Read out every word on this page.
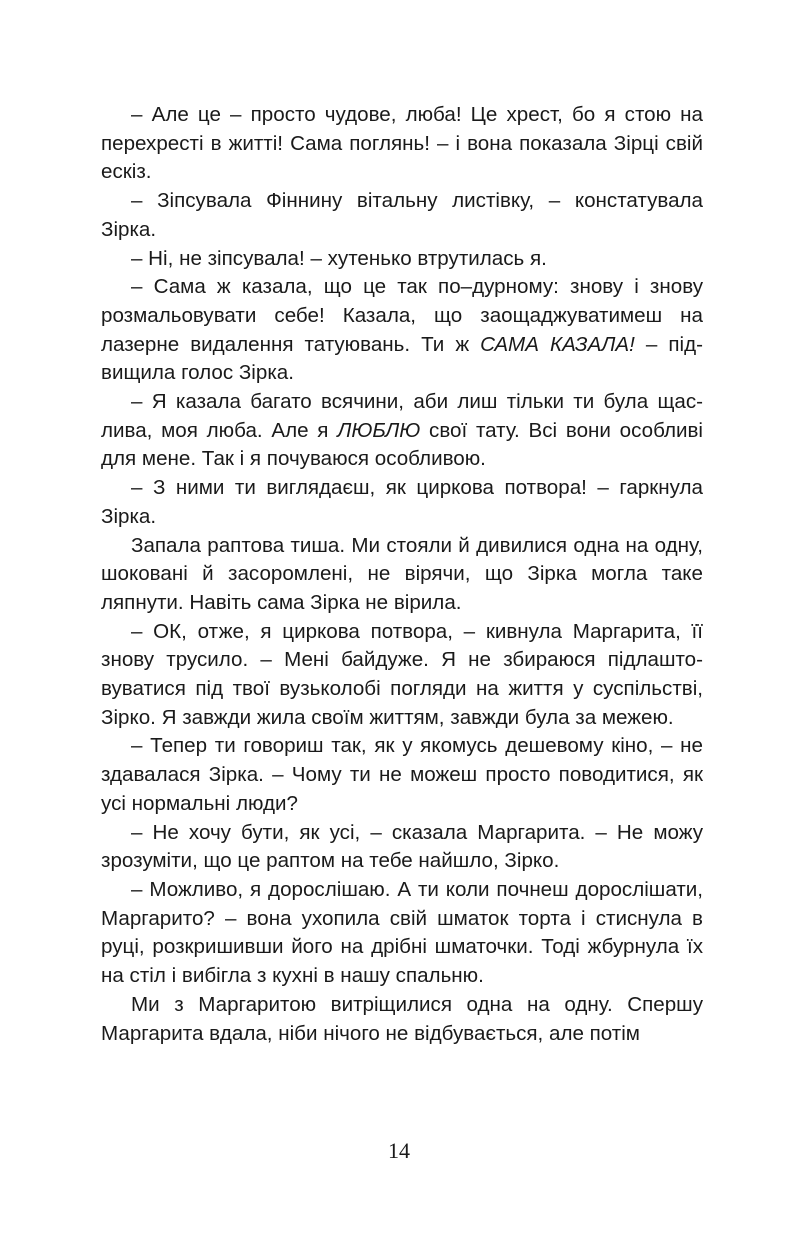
– Але це – просто чудове, люба! Це хрест, бо я стою на перехресті в житті! Сама поглянь! – і вона показала Зірці свій ескіз.

– Зіпсувала Фіннину вітальну листівку, – констатувала Зірка.

– Ні, не зіпсувала! – хутенько втрутилась я.

– Сама ж казала, що це так по–дурному: знову і знову розмальовувати себе! Казала, що заощаджуватимеш на лазерне видалення татуювань. Ти ж САМА КАЗАЛА! – підвищила голос Зірка.

– Я казала багато всячини, аби лиш тільки ти була щаслива, моя люба. Але я ЛЮБЛЮ свої тату. Всі вони особливі для мене. Так і я почуваюся особливою.

– З ними ти виглядаєш, як циркова потвора! – гаркнула Зірка.

Запала раптова тиша. Ми стояли й дивилися одна на одну, шоковані й засоромлені, не вірячи, що Зірка могла таке ляпнути. Навіть сама Зірка не вірила.

– ОК, отже, я циркова потвора, – кивнула Маргарита, її знову трусило. – Мені байдуже. Я не збираюся підлаштовуватися під твої вузьколобі погляди на життя у суспільстві, Зірко. Я завжди жила своїм життям, завжди була за межею.

– Тепер ти говориш так, як у якомусь дешевому кіно, – не здавалася Зірка. – Чому ти не можеш просто поводитися, як усі нормальні люди?

– Не хочу бути, як усі, – сказала Маргарита. – Не можу зрозуміти, що це раптом на тебе найшло, Зірко.

– Можливо, я дорослішаю. А ти коли почнеш дорослішати, Маргарито? – вона ухопила свій шматок торта і стиснула в руці, розкришивши його на дрібні шматочки. Тоді жбурнула їх на стіл і вибігла з кухні в нашу спальню.

Ми з Маргаритою витріщилися одна на одну. Спершу Маргарита вдала, ніби нічого не відбувається, але потім

14
